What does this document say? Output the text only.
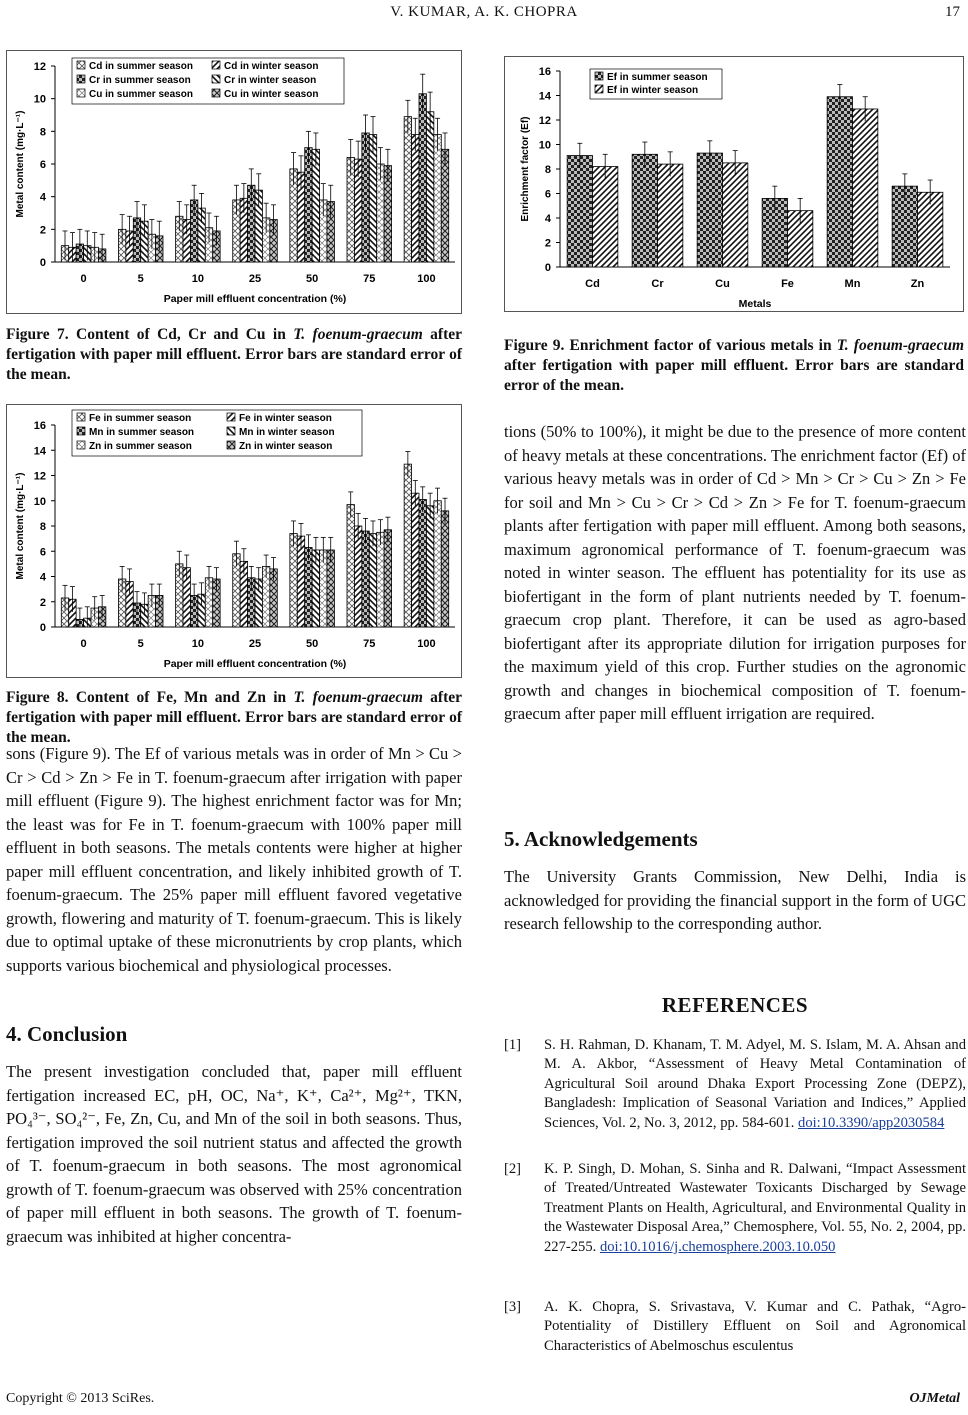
V. KUMAR, A. K. CHOPRA	17
0
2
4
6
8
10
12
Metal content (mg·L⁻¹)
Paper mill effluent concentration (%)
0	5	10	25	50	75	100
Cd in summer season	Cd in winter season
Cr in summer season	Cr in winter season
Cu in summer season	Cu in winter season
Figure 7. Content of Cd, Cr and Cu in T. foenum-graecum after fertigation with paper mill effluent. Error bars are standard error of the mean.
0
2
4
6
8
10
12
14
16
Metal content (mg·L⁻¹)
Paper mill effluent concentration (%)
0	5	10	25	50	75	100
Fe in summer season	Fe in winter season
Mn in summer season	Mn in winter season
Zn in summer season	Zn in winter season
Figure 8. Content of Fe, Mn and Zn in T. foenum-graecum after fertigation with paper mill effluent. Error bars are standard error of the mean.
0
2
4
6
8
10
12
14
16
Enrichment factor (Ef)
Metals
Cd	Cr	Cu	Fe	Mn	Zn
Ef in summer season
Ef in winter season
Figure 9. Enrichment factor of various metals in T. foenum-graecum after fertigation with paper mill effluent. Error bars are standard error of the mean.

sons (Figure 9). The Ef of various metals was in order of Mn > Cu > Cr > Cd > Zn > Fe in T. foenum-graecum after irrigation with paper mill effluent (Figure 9). The highest enrichment factor was for Mn; the least was for Fe in T. foenum-graecum with 100% paper mill effluent in both seasons. The metals contents were higher at higher paper mill effluent concentration, and likely inhibited growth of T. foenum-graecum. The 25% paper mill effluent favored vegetative growth, flowering and maturity of T. foenum-graecum. This is likely due to optimal uptake of these micronutrients by crop plants, which supports various biochemical and physiological processes.

4. Conclusion

The present investigation concluded that, paper mill effluent fertigation increased EC, pH, OC, Na⁺, K⁺, Ca²⁺, Mg²⁺, TKN, PO₄³⁻, SO₄²⁻, Fe, Zn, Cu, and Mn of the soil in both seasons. Thus, fertigation improved the soil nutrient status and affected the growth of T. foenum-graecum in both seasons. The most agronomical growth of T. foenum-graecum was observed with 25% concentration of paper mill effluent in both seasons. The growth of T. foenum-graecum was inhibited at higher concentra-

tions (50% to 100%), it might be due to the presence of more content of heavy metals at these concentrations. The enrichment factor (Ef) of various heavy metals was in order of Cd > Mn > Cr > Cu > Zn > Fe for soil and Mn > Cu > Cr > Cd > Zn > Fe for T. foenum-graecum plants after fertigation with paper mill effluent. Among both seasons, maximum agronomical performance of T. foenum-graecum was noted in winter season. The effluent has potentiality for its use as biofertigant in the form of plant nutrients needed by T. foenum-graecum crop plant. Therefore, it can be used as agro-based biofertigant after its appropriate dilution for irrigation purposes for the maximum yield of this crop. Further studies on the agronomic growth and changes in biochemical composition of T. foenum-graecum after paper mill effluent irrigation are required.

5. Acknowledgements

The University Grants Commission, New Delhi, India is acknowledged for providing the financial support in the form of UGC research fellowship to the corresponding author.

REFERENCES
[1] S. H. Rahman, D. Khanam, T. M. Adyel, M. S. Islam, M. A. Ahsan and M. A. Akbor, “Assessment of Heavy Metal Contamination of Agricultural Soil around Dhaka Export Processing Zone (DEPZ), Bangladesh: Implication of Seasonal Variation and Indices,” Applied Sciences, Vol. 2, No. 3, 2012, pp. 584-601. doi:10.3390/app2030584
[2] K. P. Singh, D. Mohan, S. Sinha and R. Dalwani, “Impact Assessment of Treated/Untreated Wastewater Toxicants Discharged by Sewage Treatment Plants on Health, Agricultural, and Environmental Quality in the Wastewater Disposal Area,” Chemosphere, Vol. 55, No. 2, 2004, pp. 227-255. doi:10.1016/j.chemosphere.2003.10.050
[3] A. K. Chopra, S. Srivastava, V. Kumar and C. Pathak, “Agro-Potentiality of Distillery Effluent on Soil and Agronomical Characteristics of Abelmoschus esculentus
Copyright © 2013 SciRes.	OJMetal
